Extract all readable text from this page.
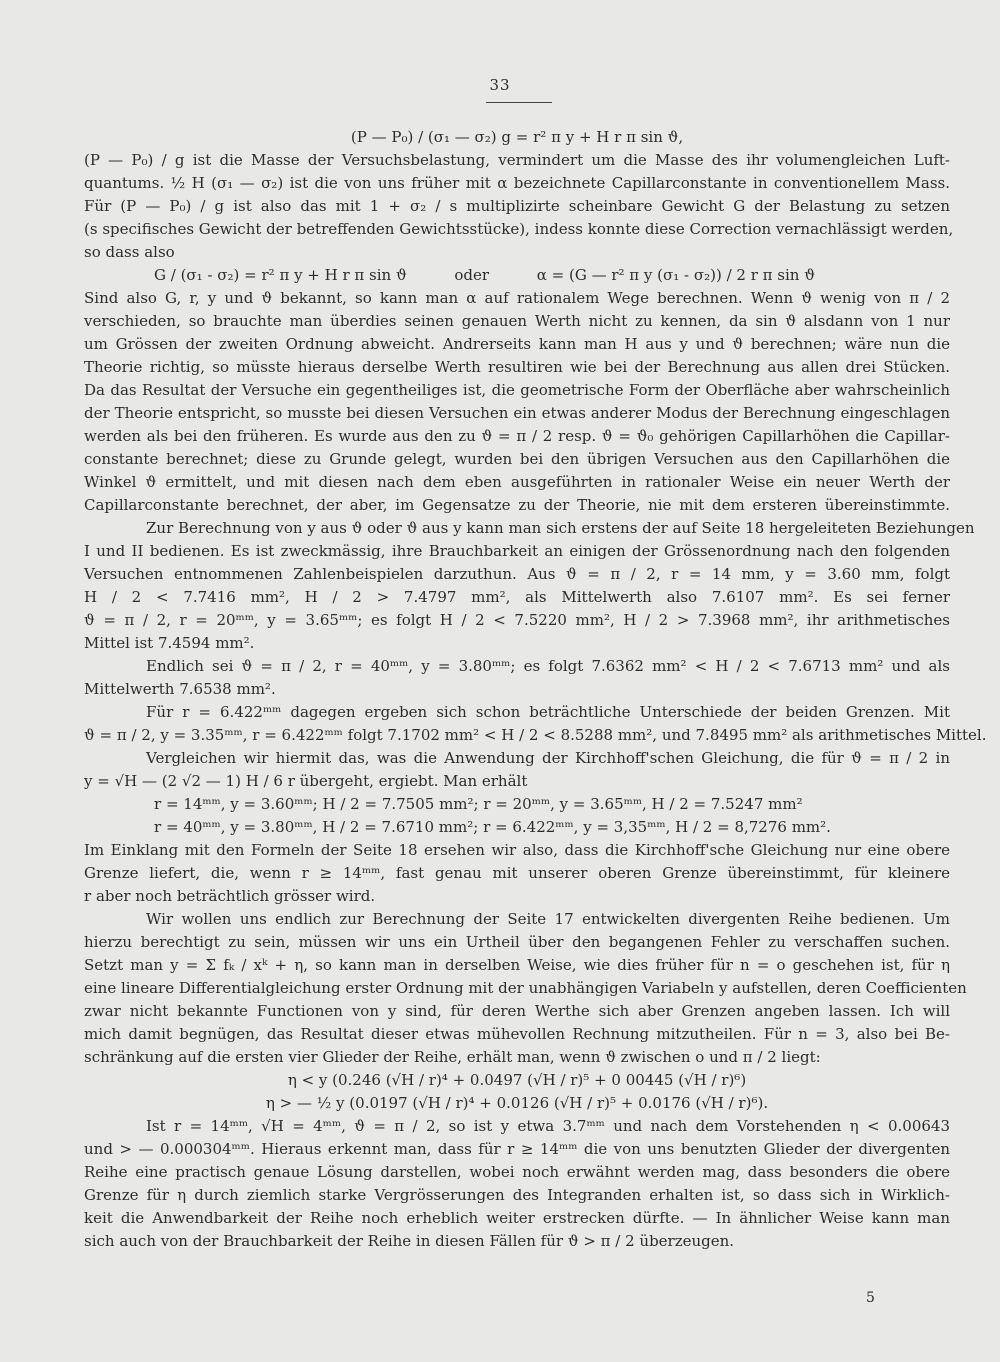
33
(P — P₀) / (σ₁ — σ₂) g = r² π y + H r π sin ϑ,
(P — P₀) / g ist die Masse der Versuchsbelastung, vermindert um die Masse des ihr volumengleichen Luft-
quantums. ½ H (σ₁ — σ₂) ist die von uns früher mit α bezeichnete Capillarconstante in conventionellem Mass.
Für (P — P₀) / g ist also das mit 1 + σ₂ / s multiplizirte scheinbare Gewicht G der Belastung zu setzen
(s specifisches Gewicht der betreffenden Gewichtsstücke), indess konnte diese Correction vernachlässigt werden,
so dass also
G / (σ₁ - σ₂) = r² π y + H r π sin ϑ          oder          α = (G — r² π y (σ₁ - σ₂)) / 2 r π sin ϑ
Sind also G, r, y und ϑ bekannt, so kann man α auf rationalem Wege berechnen. Wenn ϑ wenig von π / 2
verschieden, so brauchte man überdies seinen genauen Werth nicht zu kennen, da sin ϑ alsdann von 1 nur
um Grössen der zweiten Ordnung abweicht. Andrerseits kann man H aus y und ϑ berechnen; wäre nun die
Theorie richtig, so müsste hieraus derselbe Werth resultiren wie bei der Berechnung aus allen drei Stücken.
Da das Resultat der Versuche ein gegentheiliges ist, die geometrische Form der Oberfläche aber wahrscheinlich
der Theorie entspricht, so musste bei diesen Versuchen ein etwas anderer Modus der Berechnung eingeschlagen
werden als bei den früheren. Es wurde aus den zu ϑ = π / 2 resp. ϑ = ϑ₀ gehörigen Capillarhöhen die Capillar-
constante berechnet; diese zu Grunde gelegt, wurden bei den übrigen Versuchen aus den Capillarhöhen die
Winkel ϑ ermittelt, und mit diesen nach dem eben ausgeführten in rationaler Weise ein neuer Werth der
Capillarconstante berechnet, der aber, im Gegensatze zu der Theorie, nie mit dem ersteren übereinstimmte.
Zur Berechnung von y aus ϑ oder ϑ aus y kann man sich erstens der auf Seite 18 hergeleiteten Beziehungen
I und II bedienen. Es ist zweckmässig, ihre Brauchbarkeit an einigen der Grössenordnung nach den folgenden
Versuchen entnommenen Zahlenbeispielen darzuthun. Aus ϑ = π / 2, r = 14 mm, y = 3.60 mm, folgt
H / 2 < 7.7416 mm², H / 2 > 7.4797 mm², als Mittelwerth also 7.6107 mm². Es sei ferner
ϑ = π / 2, r = 20ᵐᵐ, y = 3.65ᵐᵐ; es folgt H / 2 < 7.5220 mm², H / 2 > 7.3968 mm², ihr arithmetisches
Mittel ist 7.4594 mm².
Endlich sei ϑ = π / 2, r = 40ᵐᵐ, y = 3.80ᵐᵐ; es folgt 7.6362 mm² < H / 2 < 7.6713 mm² und als
Mittelwerth 7.6538 mm².
Für r = 6.422ᵐᵐ dagegen ergeben sich schon beträchtliche Unterschiede der beiden Grenzen. Mit
ϑ = π / 2, y = 3.35ᵐᵐ, r = 6.422ᵐᵐ folgt 7.1702 mm² < H / 2 < 8.5288 mm², und 7.8495 mm² als arithmetisches Mittel.
Vergleichen wir hiermit das, was die Anwendung der Kirchhoff'schen Gleichung, die für ϑ = π / 2 in
y = √H — (2 √2 — 1) H / 6 r übergeht, ergiebt. Man erhält
r = 14ᵐᵐ, y = 3.60ᵐᵐ; H / 2 = 7.7505 mm²; r = 20ᵐᵐ, y = 3.65ᵐᵐ, H / 2 = 7.5247 mm²
r = 40ᵐᵐ, y = 3.80ᵐᵐ, H / 2 = 7.6710 mm²; r = 6.422ᵐᵐ, y = 3,35ᵐᵐ, H / 2 = 8,7276 mm².
Im Einklang mit den Formeln der Seite 18 ersehen wir also, dass die Kirchhoff'sche Gleichung nur eine obere
Grenze liefert, die, wenn r ≥ 14ᵐᵐ, fast genau mit unserer oberen Grenze übereinstimmt, für kleinere
r aber noch beträchtlich grösser wird.
Wir wollen uns endlich zur Berechnung der Seite 17 entwickelten divergenten Reihe bedienen. Um
hierzu berechtigt zu sein, müssen wir uns ein Urtheil über den begangenen Fehler zu verschaffen suchen.
Setzt man y = Σ fₖ / xᵏ + η, so kann man in derselben Weise, wie dies früher für n = o geschehen ist, für η
eine lineare Differentialgleichung erster Ordnung mit der unabhängigen Variabeln y aufstellen, deren Coefficienten
zwar nicht bekannte Functionen von y sind, für deren Werthe sich aber Grenzen angeben lassen. Ich will
mich damit begnügen, das Resultat dieser etwas mühevollen Rechnung mitzutheilen. Für n = 3, also bei Be-
schränkung auf die ersten vier Glieder der Reihe, erhält man, wenn ϑ zwischen o und π / 2 liegt:
η < y (0.246 (√H / r)⁴ + 0.0497 (√H / r)⁵ + 0 00445 (√H / r)⁶)
η > — ½ y (0.0197 (√H / r)⁴ + 0.0126 (√H / r)⁵ + 0.0176 (√H / r)⁶).
Ist r = 14ᵐᵐ, √H = 4ᵐᵐ, ϑ = π / 2, so ist y etwa 3.7ᵐᵐ und nach dem Vorstehenden η < 0.00643
und > — 0.000304ᵐᵐ. Hieraus erkennt man, dass für r ≥ 14ᵐᵐ die von uns benutzten Glieder der divergenten
Reihe eine practisch genaue Lösung darstellen, wobei noch erwähnt werden mag, dass besonders die obere
Grenze für η durch ziemlich starke Vergrösserungen des Integranden erhalten ist, so dass sich in Wirklich-
keit die Anwendbarkeit der Reihe noch erheblich weiter erstrecken dürfte. — In ähnlicher Weise kann man
sich auch von der Brauchbarkeit der Reihe in diesen Fällen für ϑ > π / 2 überzeugen.
5
